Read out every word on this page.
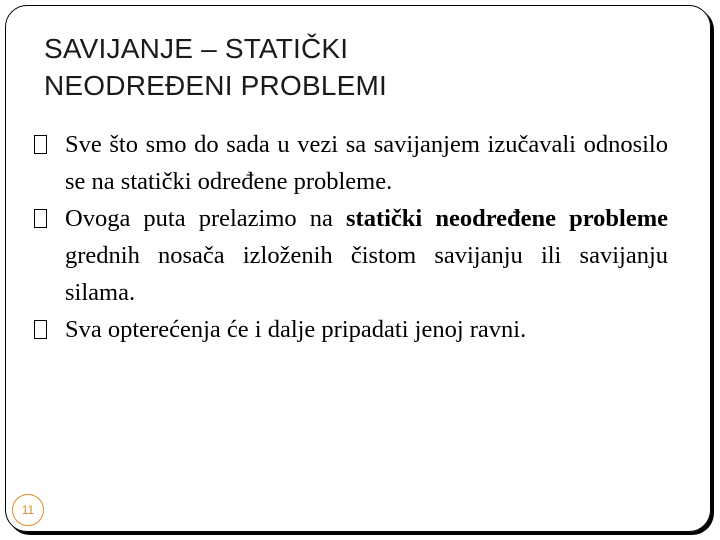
SAVIJANJE – STATIČKI
NEODREĐENI PROBLEMI
Sve što smo do sada u vezi sa savijanjem izučavali odnosilo se na statički određene probleme.
Ovoga puta prelazimo na statički neodređene probleme grednih nosača izloženih čistom savijanju ili savijanju silama.
Sva opterećenja će i dalje pripadati jenoj ravni.
11
